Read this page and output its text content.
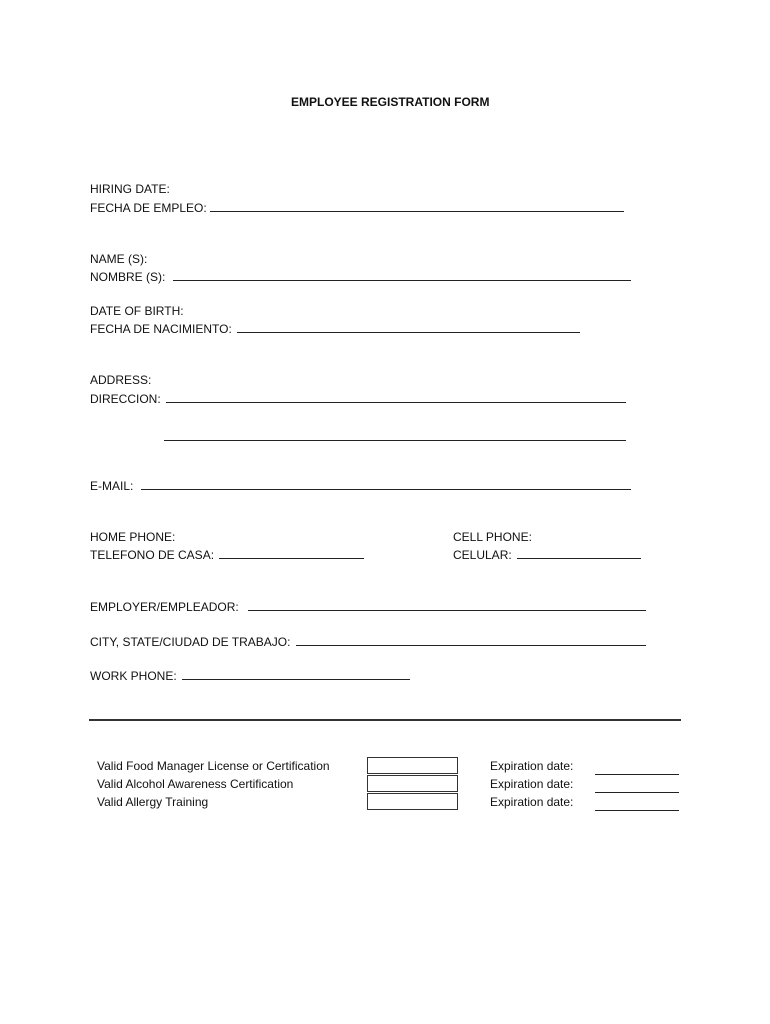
EMPLOYEE REGISTRATION FORM
HIRING DATE:
FECHA DE EMPLEO:
NAME (S):
NOMBRE (S):
DATE OF BIRTH:
FECHA DE NACIMIENTO:
ADDRESS:
DIRECCION:
E-MAIL:
HOME PHONE:
TELEFONO DE CASA:
CELL PHONE:
CELULAR:
EMPLOYER/EMPLEADOR:
CITY, STATE/CIUDAD DE TRABAJO:
WORK PHONE:
Valid Food Manager License or Certification
Valid Alcohol Awareness Certification
Valid Allergy Training
Expiration date:
Expiration date:
Expiration date:
